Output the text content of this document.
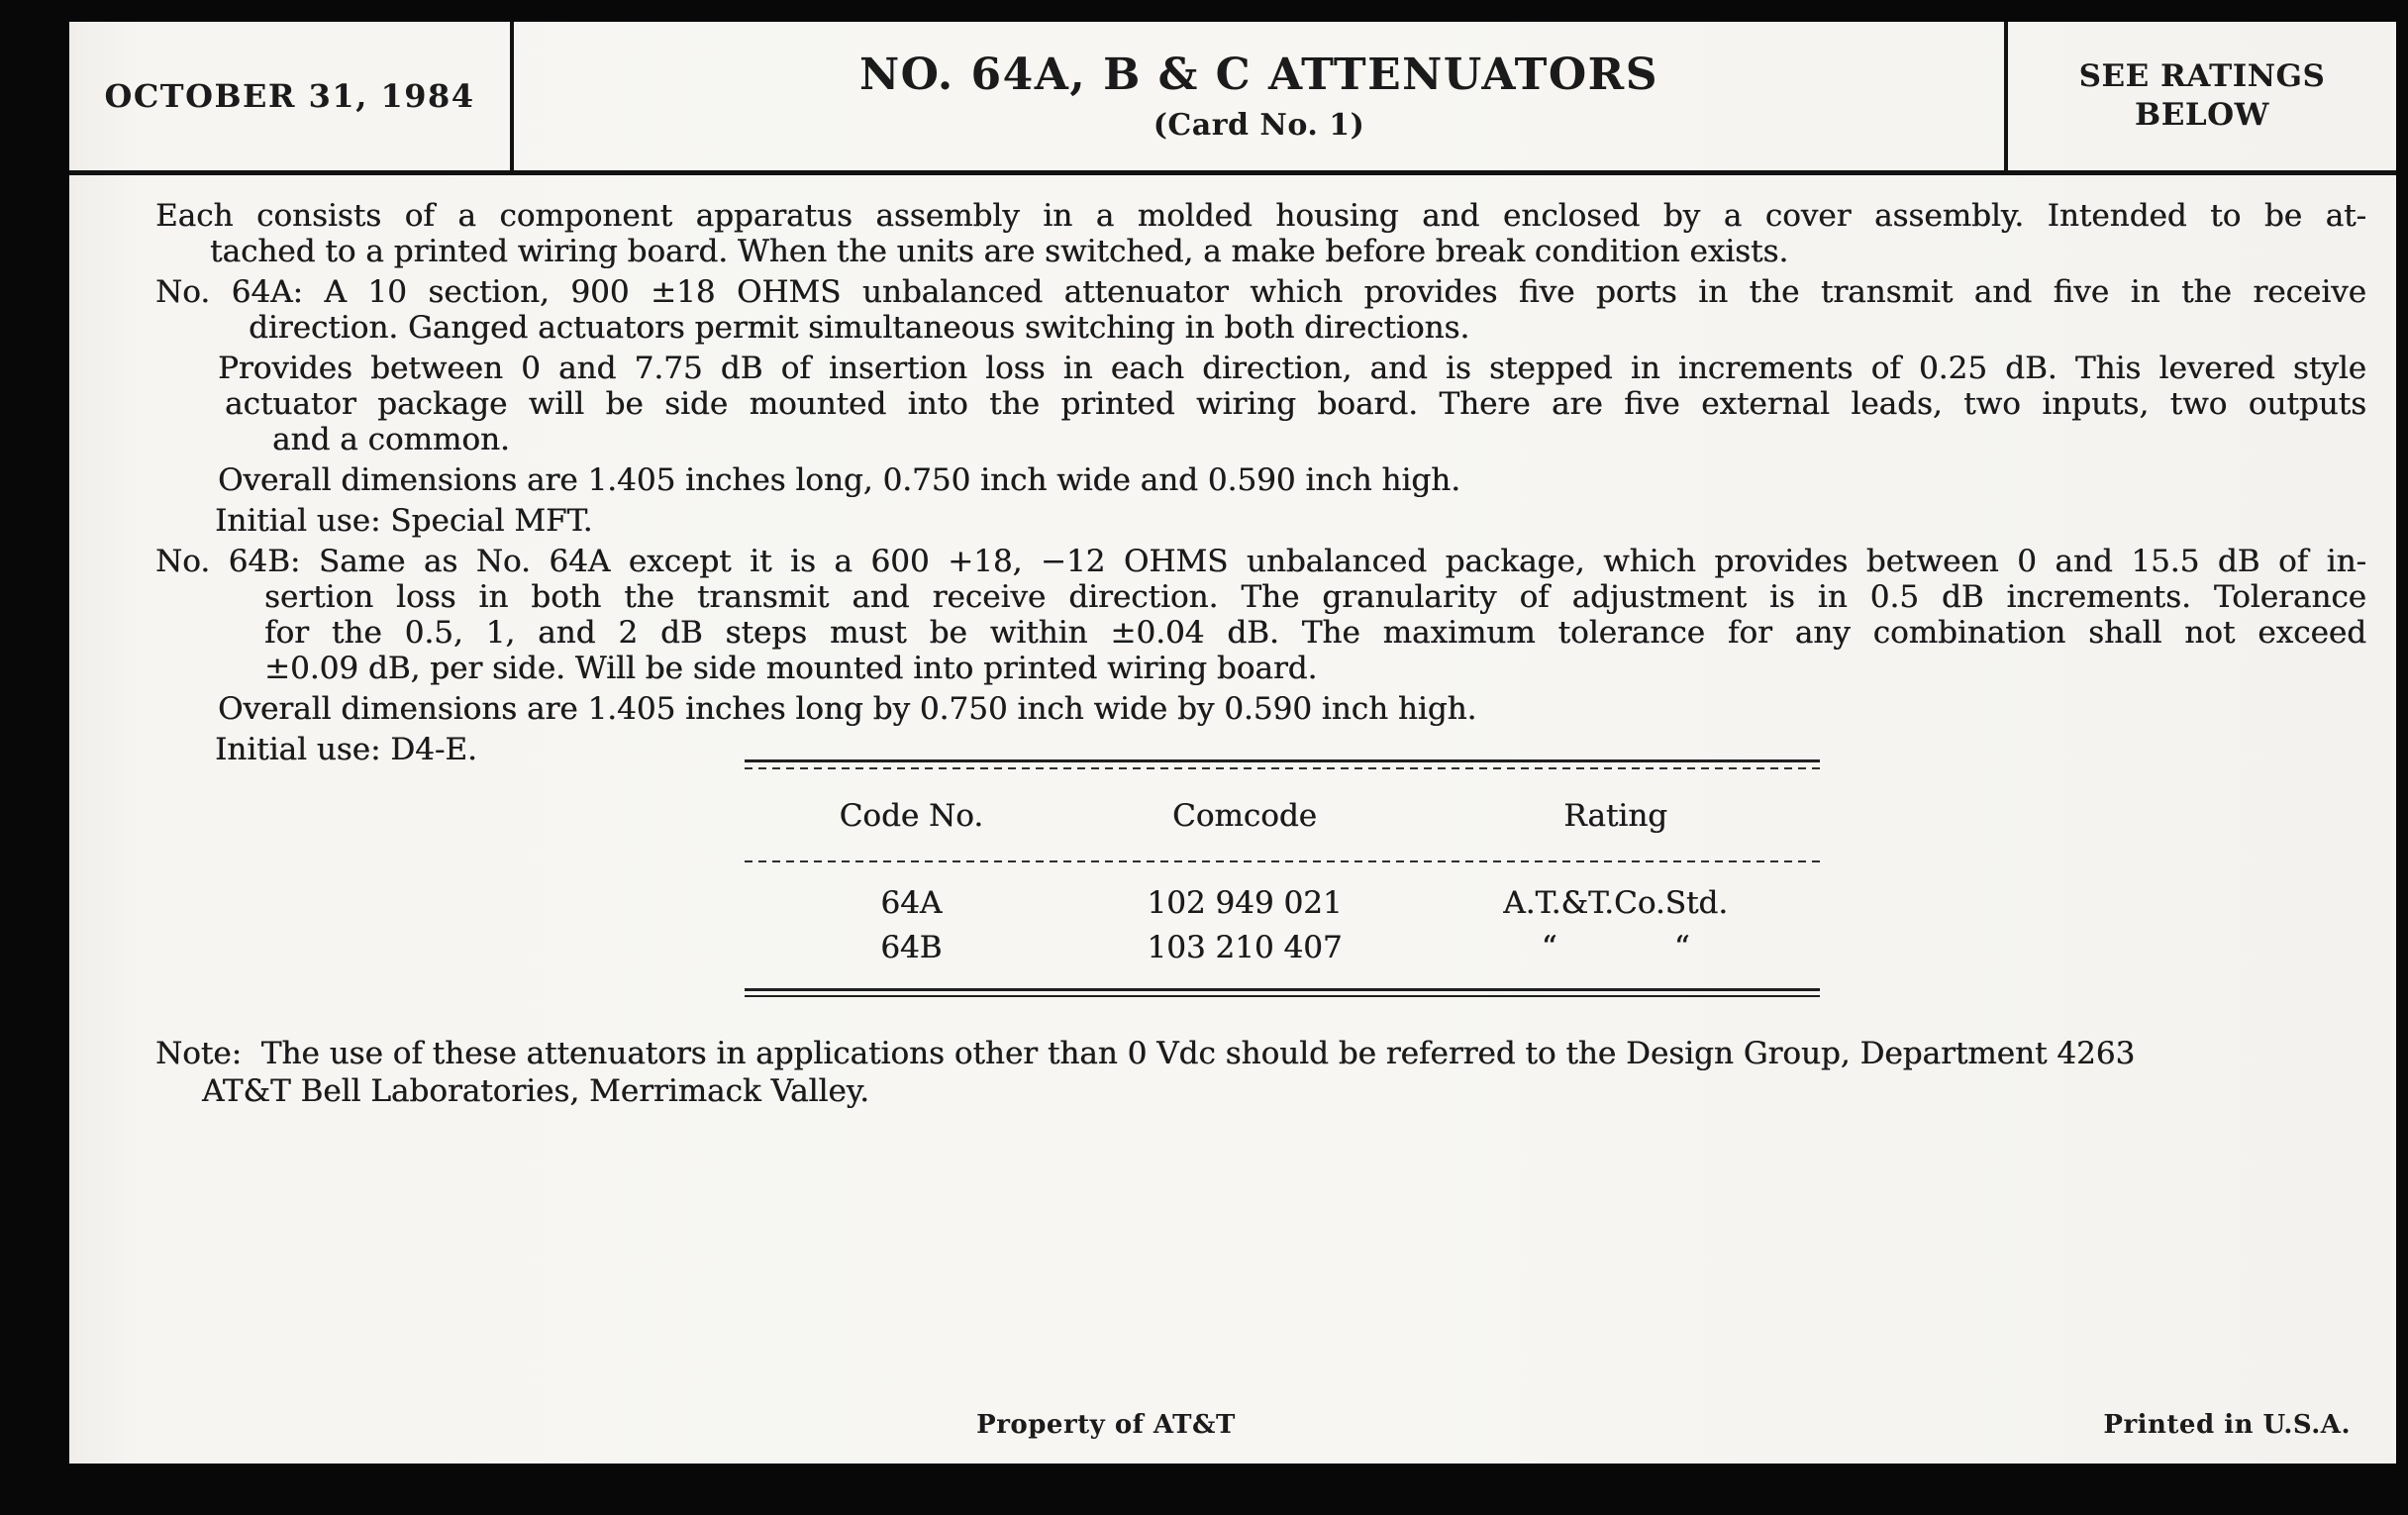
OCTOBER 31, 1984	NO. 64A, B & C ATTENUATORS
(Card No. 1)
SEE RATINGS
BELOW
Each consists of a component apparatus assembly in a molded housing and enclosed by a cover assembly. Intended to be at-
tached to a printed wiring board. When the units are switched, a make before break condition exists.
No. 64A: A 10 section, 900 ±18 OHMS unbalanced attenuator which provides five ports in the transmit and five in the receive
direction. Ganged actuators permit simultaneous switching in both directions.
Provides between 0 and 7.75 dB of insertion loss in each direction, and is stepped in increments of 0.25 dB. This levered style
actuator package will be side mounted into the printed wiring board. There are five external leads, two inputs, two outputs
and a common.
Overall dimensions are 1.405 inches long, 0.750 inch wide and 0.590 inch high.
Initial use: Special MFT.
No. 64B: Same as No. 64A except it is a 600 +18, −12 OHMS unbalanced package, which provides between 0 and 15.5 dB of in-
sertion loss in both the transmit and receive direction. The granularity of adjustment is in 0.5 dB increments. Tolerance
for the 0.5, 1, and 2 dB steps must be within ±0.04 dB. The maximum tolerance for any combination shall not exceed
±0.09 dB, per side. Will be side mounted into printed wiring board.
Overall dimensions are 1.405 inches long by 0.750 inch wide by 0.590 inch high.
Initial use: D4-E.
Code No.	Comcode	Rating
64A	102 949 021	A.T.&T.Co.Std.
64B	103 210 407	“            “
Note:  The use of these attenuators in applications other than 0 Vdc should be referred to the Design Group, Department 4263
AT&T Bell Laboratories, Merrimack Valley.
Property of AT&T	Printed in U.S.A.
